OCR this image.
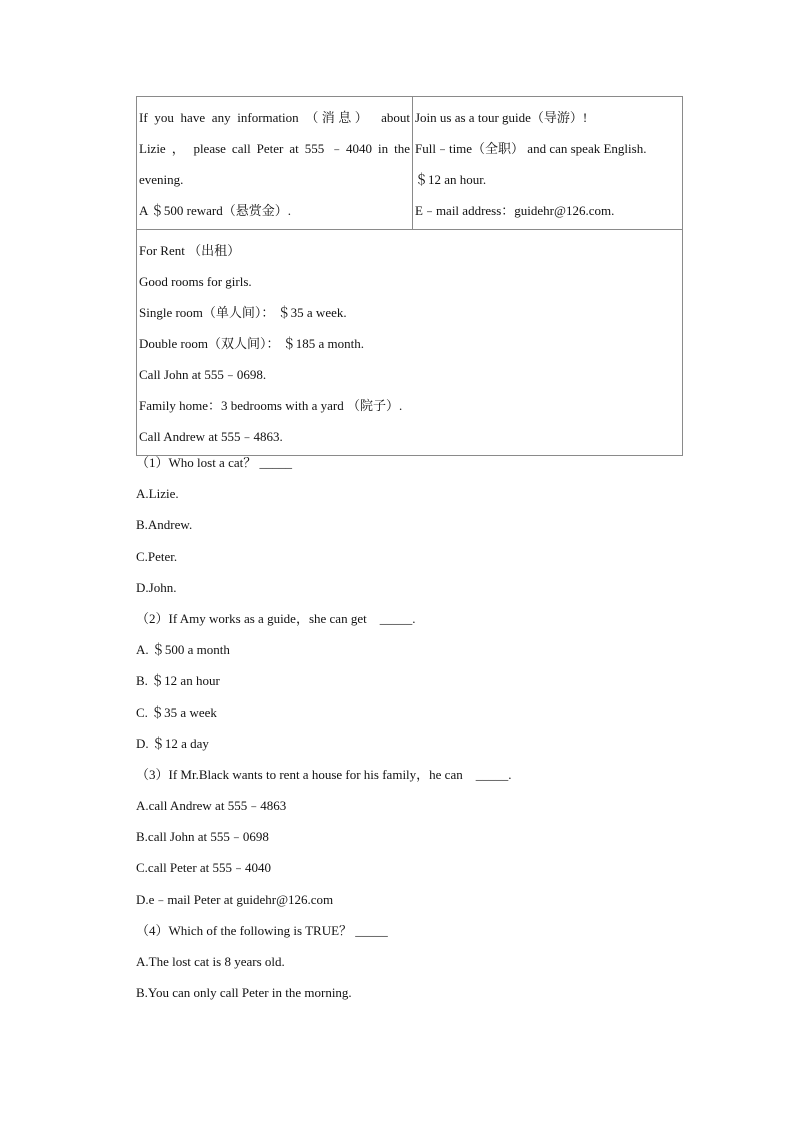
If you have any information （消息）　about
Lizie ， please call Peter at 555 ﹣4040 in the
evening.
A ＄500 reward（悬赏金）.

Join us as a tour guide（导游）!
Full﹣time（全职） and can speak English.
＄12 an hour.
E﹣mail address：guidehr@126.com.

For Rent （出租）
Good rooms for girls.
Single room（单人间）： ＄35 a week.
Double room（双人间）： ＄185 a month.
Call John at 555﹣0698.
Family home：3 bedrooms with a yard （院子）.
Call Andrew at 555﹣4863.
（1）Who lost a cat？ _____
A.Lizie.
B.Andrew.
C.Peter.
D.John.
（2）If Amy works as a guide，she can get　_____.
A. ＄500 a month
B. ＄12 an hour
C. ＄35 a week
D. ＄12 a day
（3）If Mr.Black wants to rent a house for his family，he can　_____.
A.call Andrew at 555﹣4863
B.call John at 555﹣0698
C.call Peter at 555﹣4040
D.e﹣mail Peter at guidehr@126.com
（4）Which of the following is TRUE？ _____
A.The lost cat is 8 years old.
B.You can only call Peter in the morning.
